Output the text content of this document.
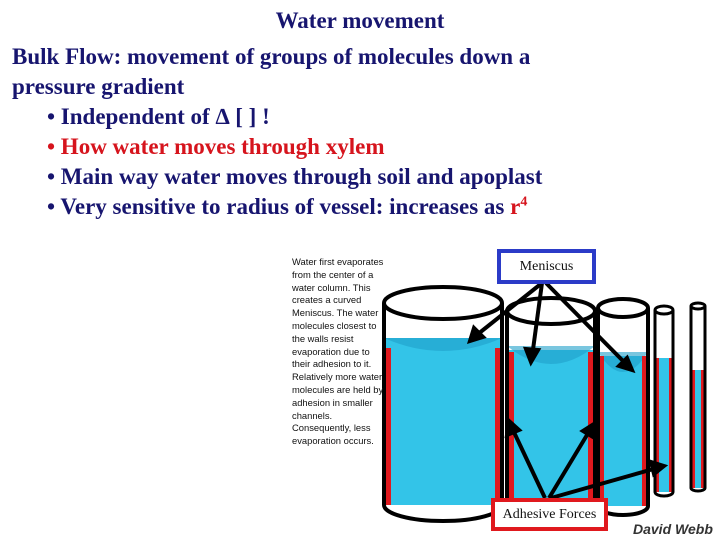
Water movement
Bulk Flow: movement of groups of molecules down a
pressure gradient
• Independent of ∆ [ ] !
• How water moves through xylem
• Main way water moves through soil and apoplast
• Very sensitive to radius of vessel: increases as $r^4$
Water first evaporates from the center of a water column. This creates a curved Meniscus. The water molecules closest to the walls resist evaporation due to their adhesion to it. Relatively more water molecules are held by adhesion in smaller channels. Consequently, less evaporation occurs.
Meniscus
Adhesive Forces
David Webb
